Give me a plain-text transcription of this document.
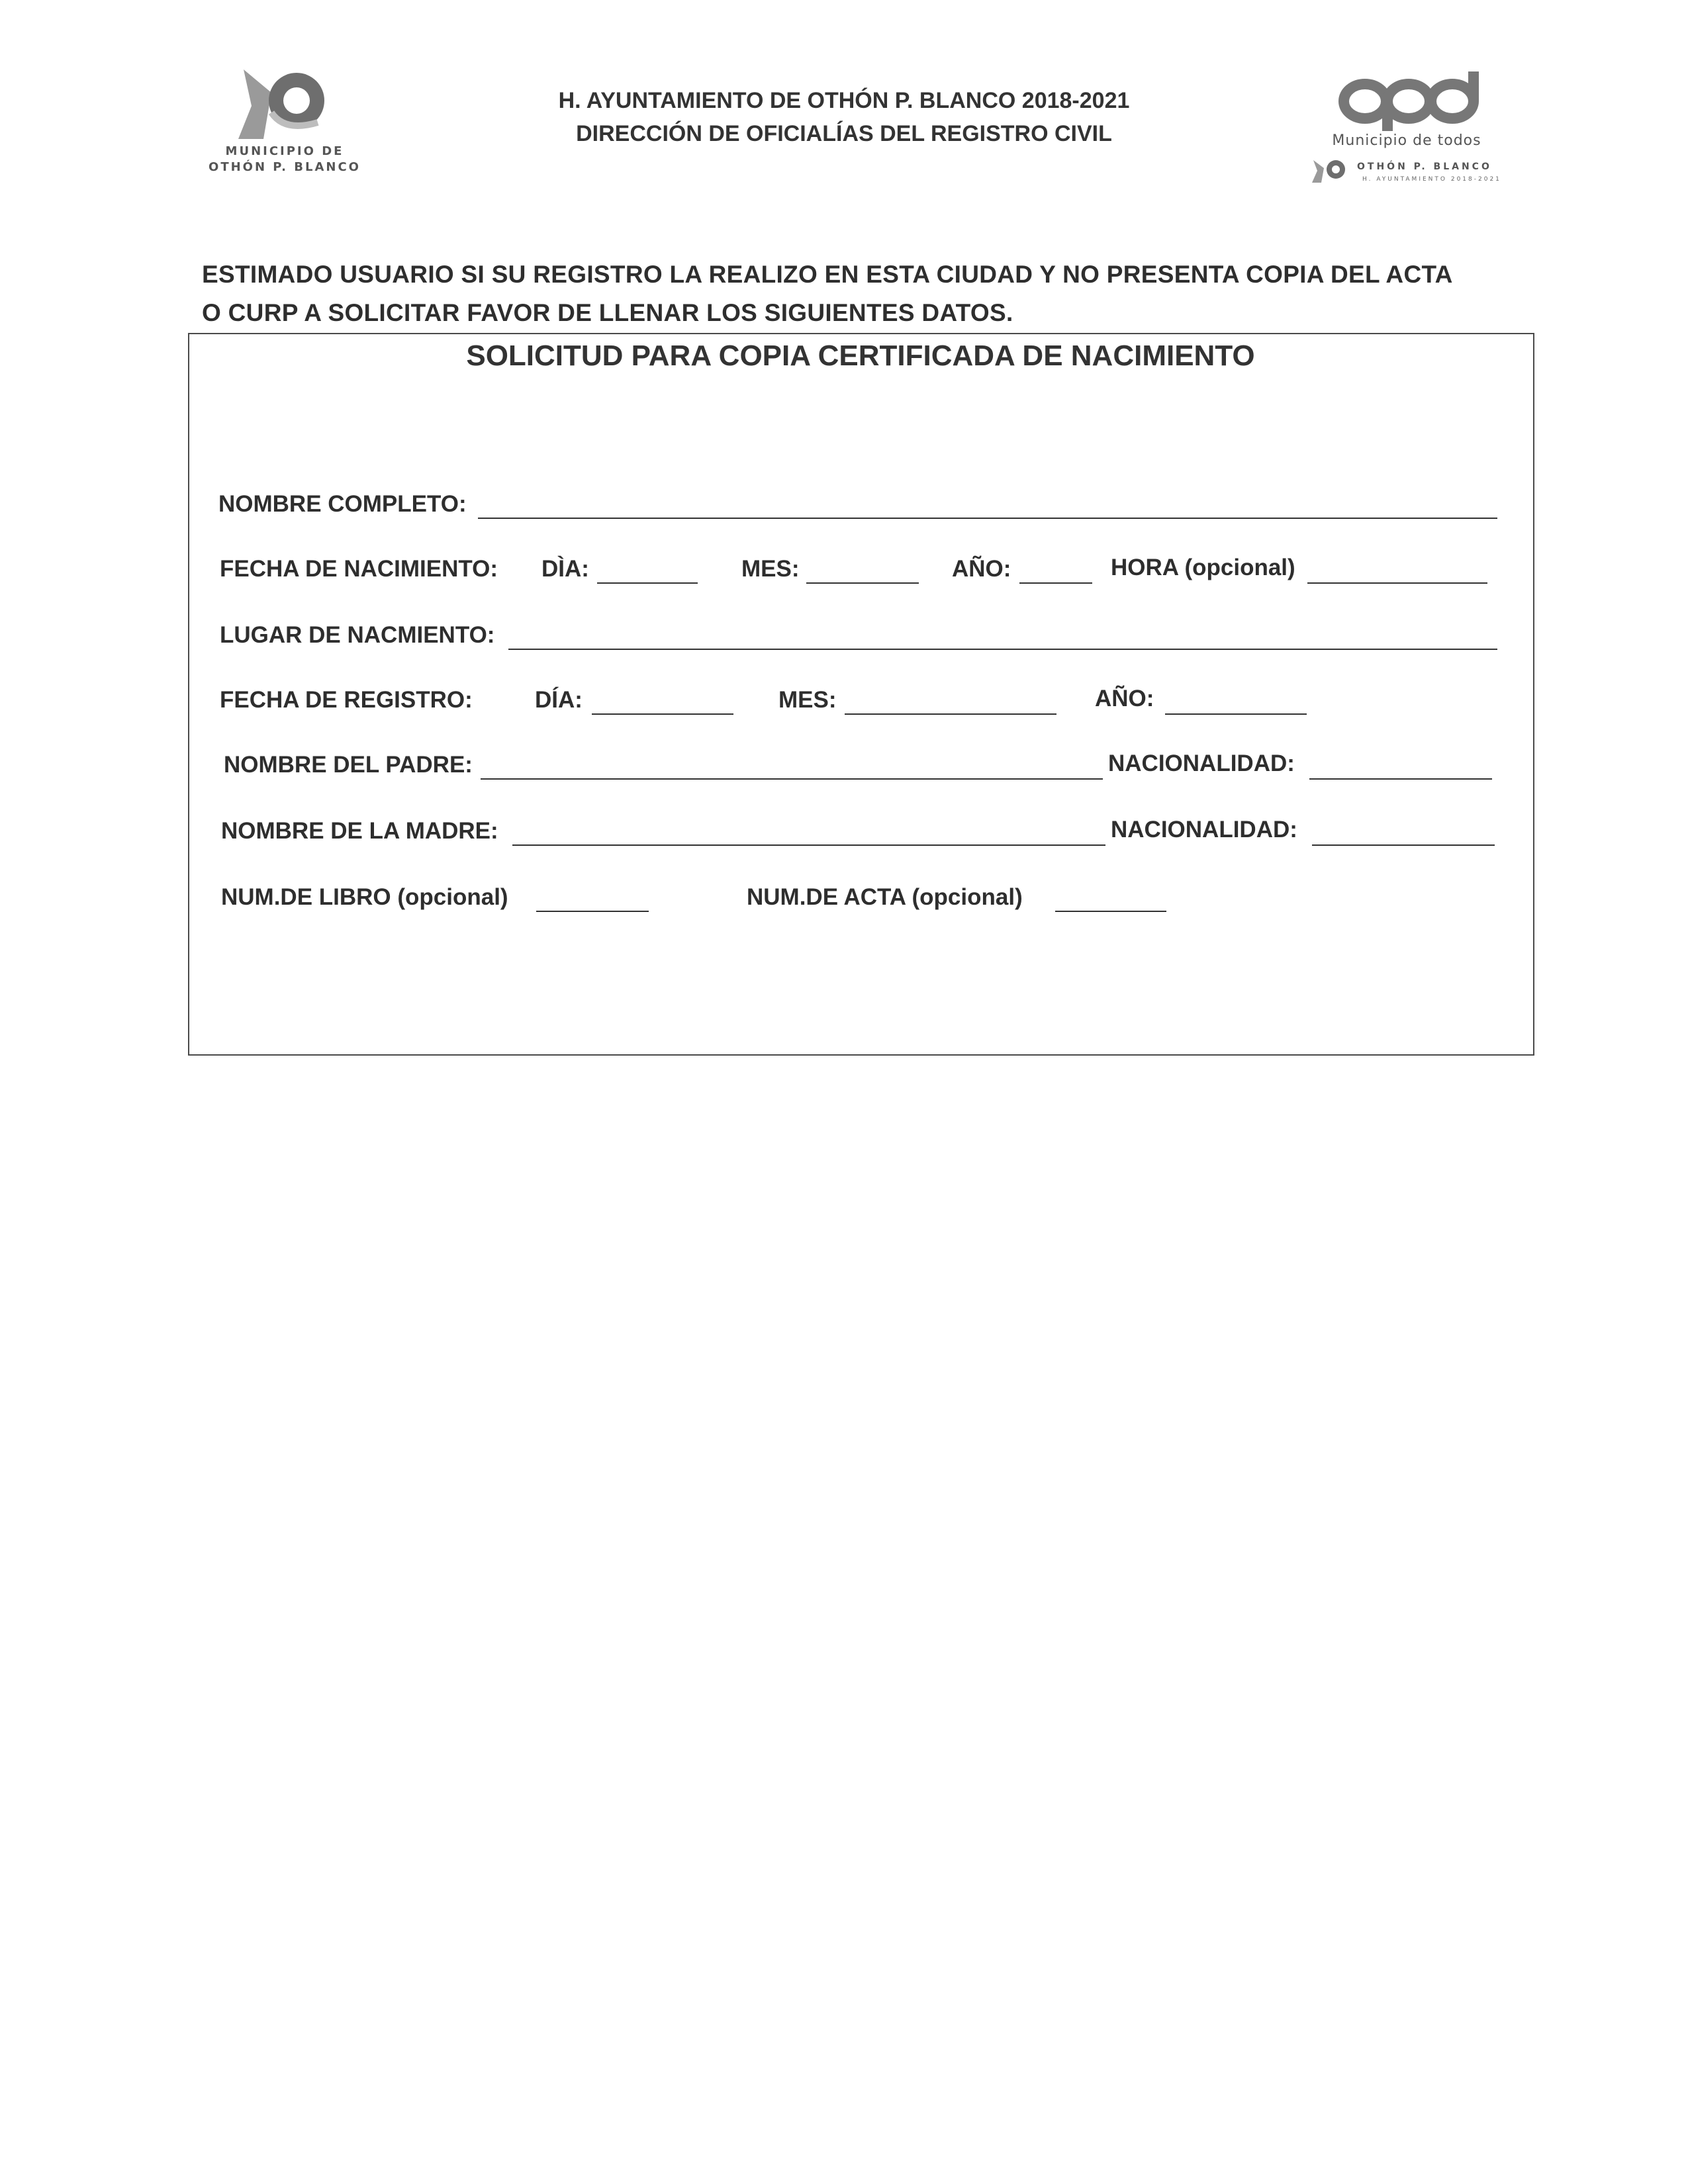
MUNICIPIO DE
OTHÓN P. BLANCO
H. AYUNTAMIENTO DE OTHÓN P. BLANCO 2018-2021
DIRECCIÓN DE OFICIALÍAS DEL REGISTRO CIVIL	Municipio de todos
OTHÓN P. BLANCO
H. AYUNTAMIENTO 2018-2021
ESTIMADO USUARIO SI SU REGISTRO LA REALIZO EN ESTA CIUDAD Y NO PRESENTA COPIA DEL ACTA
O CURP A SOLICITAR FAVOR DE LLENAR LOS SIGUIENTES DATOS.
SOLICITUD PARA COPIA CERTIFICADA DE NACIMIENTO
NOMBRE COMPLETO:
FECHA DE NACIMIENTO: DÌA:	MES:	AÑO:	HORA (opcional)
LUGAR DE NACMIENTO:
FECHA DE REGISTRO:	DÍA:	MES:	AÑO:
NOMBRE DEL PADRE:	NACIONALIDAD:
NOMBRE DE LA MADRE:	NACIONALIDAD:
NUM.DE LIBRO (opcional)	NUM.DE ACTA (opcional)
